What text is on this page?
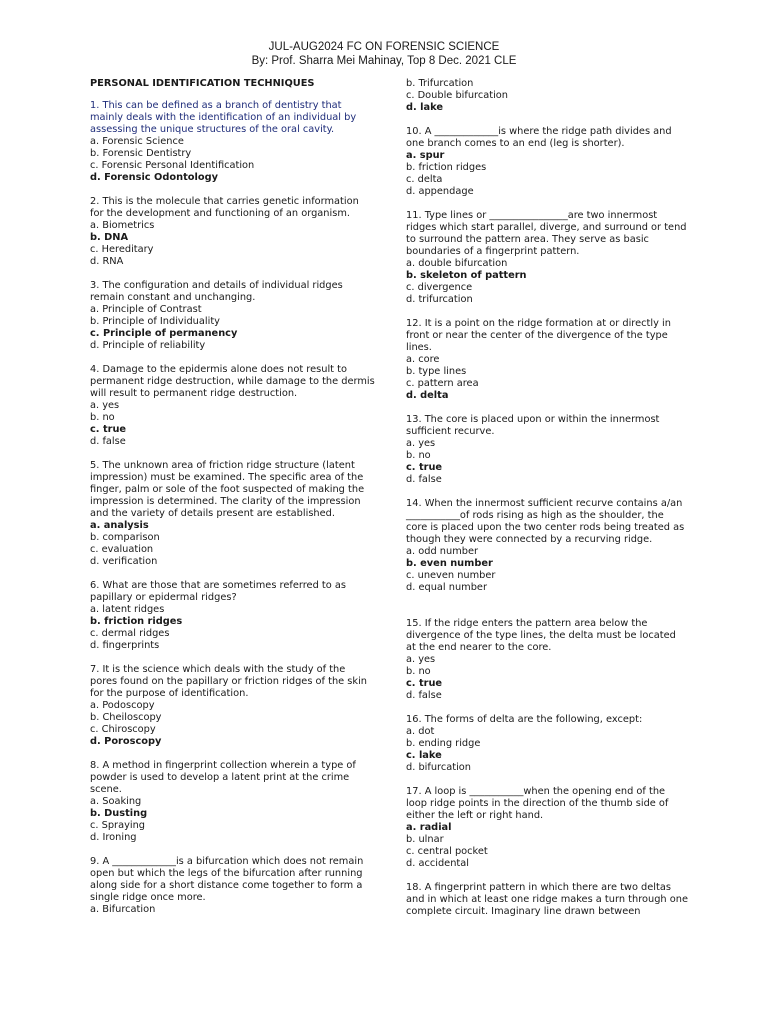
JUL-AUG2024 FC ON FORENSIC SCIENCE
By: Prof. Sharra Mei Mahinay, Top 8 Dec. 2021 CLE
PERSONAL IDENTIFICATION TECHNIQUES
1. This can be defined as a branch of dentistry that mainly deals with the identification of an individual by assessing the unique structures of the oral cavity.
a. Forensic Science
b. Forensic Dentistry
c. Forensic Personal Identification
d. Forensic Odontology
2. This is the molecule that carries genetic information for the development and functioning of an organism.
a. Biometrics
b. DNA
c. Hereditary
d. RNA
3. The configuration and details of individual ridges remain constant and unchanging.
a. Principle of Contrast
b. Principle of Individuality
c. Principle of permanency
d. Principle of reliability
4. Damage to the epidermis alone does not result to permanent ridge destruction, while damage to the dermis will result to permanent ridge destruction.
a. yes
b. no
c. true
d. false
5. The unknown area of friction ridge structure (latent impression) must be examined. The specific area of the finger, palm or sole of the foot suspected of making the impression is determined. The clarity of the impression and the variety of details present are established.
a. analysis
b. comparison
c. evaluation
d. verification
6. What are those that are sometimes referred to as papillary or epidermal ridges?
a. latent ridges
b. friction ridges
c. dermal ridges
d. fingerprints
7. It is the science which deals with the study of the pores found on the papillary or friction ridges of the skin for the purpose of identification.
a. Podoscopy
b. Cheiloscopy
c. Chiroscopy
d. Poroscopy
8. A method in fingerprint collection wherein a type of powder is used to develop a latent print at the crime scene.
a. Soaking
b. Dusting
c. Spraying
d. Ironing
9. A _____________is a bifurcation which does not remain open but which the legs of the bifurcation after running along side for a short distance come together to form a single ridge once more.
a. Bifurcation
b. Trifurcation
c. Double bifurcation
d. lake
10. A _____________is where the ridge path divides and one branch comes to an end (leg is shorter).
a. spur
b. friction ridges
c. delta
d. appendage
11. Type lines or ________________are two innermost ridges which start parallel, diverge, and surround or tend to surround the pattern area. They serve as basic boundaries of a fingerprint pattern.
a. double bifurcation
b. skeleton of pattern
c. divergence
d. trifurcation
12. It is a point on the ridge formation at or directly in front or near the center of the divergence of the type lines.
a. core
b. type lines
c. pattern area
d. delta
13. The core is placed upon or within the innermost sufficient recurve.
a. yes
b. no
c. true
d. false
14. When the innermost sufficient recurve contains a/an ___________of rods rising as high as the shoulder, the core is placed upon the two center rods being treated as though they were connected by a recurving ridge.
a. odd number
b. even number
c. uneven number
d. equal number
15. If the ridge enters the pattern area below the divergence of the type lines, the delta must be located at the end nearer to the core.
a. yes
b. no
c. true
d. false
16. The forms of delta are the following, except:
a. dot
b. ending ridge
c. lake
d. bifurcation
17. A loop is ___________when the opening end of the loop ridge points in the direction of the thumb side of either the left or right hand.
a. radial
b. ulnar
c. central pocket
d. accidental
18. A fingerprint pattern in which there are two deltas and in which at least one ridge makes a turn through one complete circuit. Imaginary line drawn between
